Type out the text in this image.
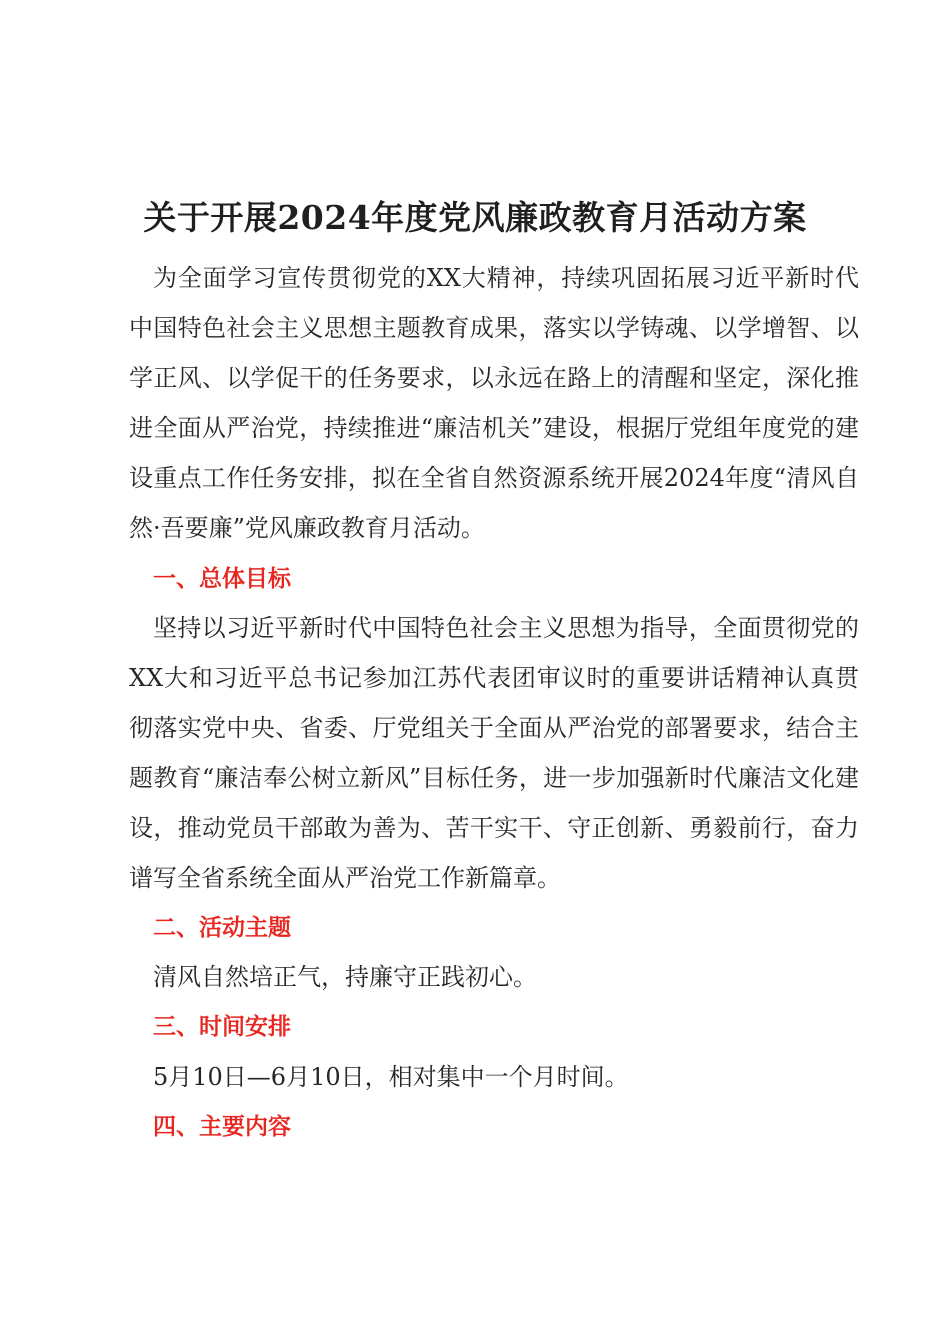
关于开展2024年度党风廉政教育月活动方案

为全面学习宣传贯彻党的XX大精神，持续巩固拓展习近平新时代中国特色社会主义思想主题教育成果，落实以学铸魂、以学增智、以学正风、以学促干的任务要求，以永远在路上的清醒和坚定，深化推进全面从严治党，持续推进“廉洁机关”建设，根据厅党组年度党的建设重点工作任务安排，拟在全省自然资源系统开展2024年度“清风自然·吾要廉”党风廉政教育月活动。

一、总体目标

坚持以习近平新时代中国特色社会主义思想为指导，全面贯彻党的XX大和习近平总书记参加江苏代表团审议时的重要讲话精神认真贯彻落实党中央、省委、厅党组关于全面从严治党的部署要求，结合主题教育“廉洁奉公树立新风”目标任务，进一步加强新时代廉洁文化建设，推动党员干部敢为善为、苦干实干、守正创新、勇毅前行，奋力谱写全省系统全面从严治党工作新篇章。

二、活动主题

清风自然培正气，持廉守正践初心。

三、时间安排

5月10日—6月10日，相对集中一个月时间。

四、主要内容
